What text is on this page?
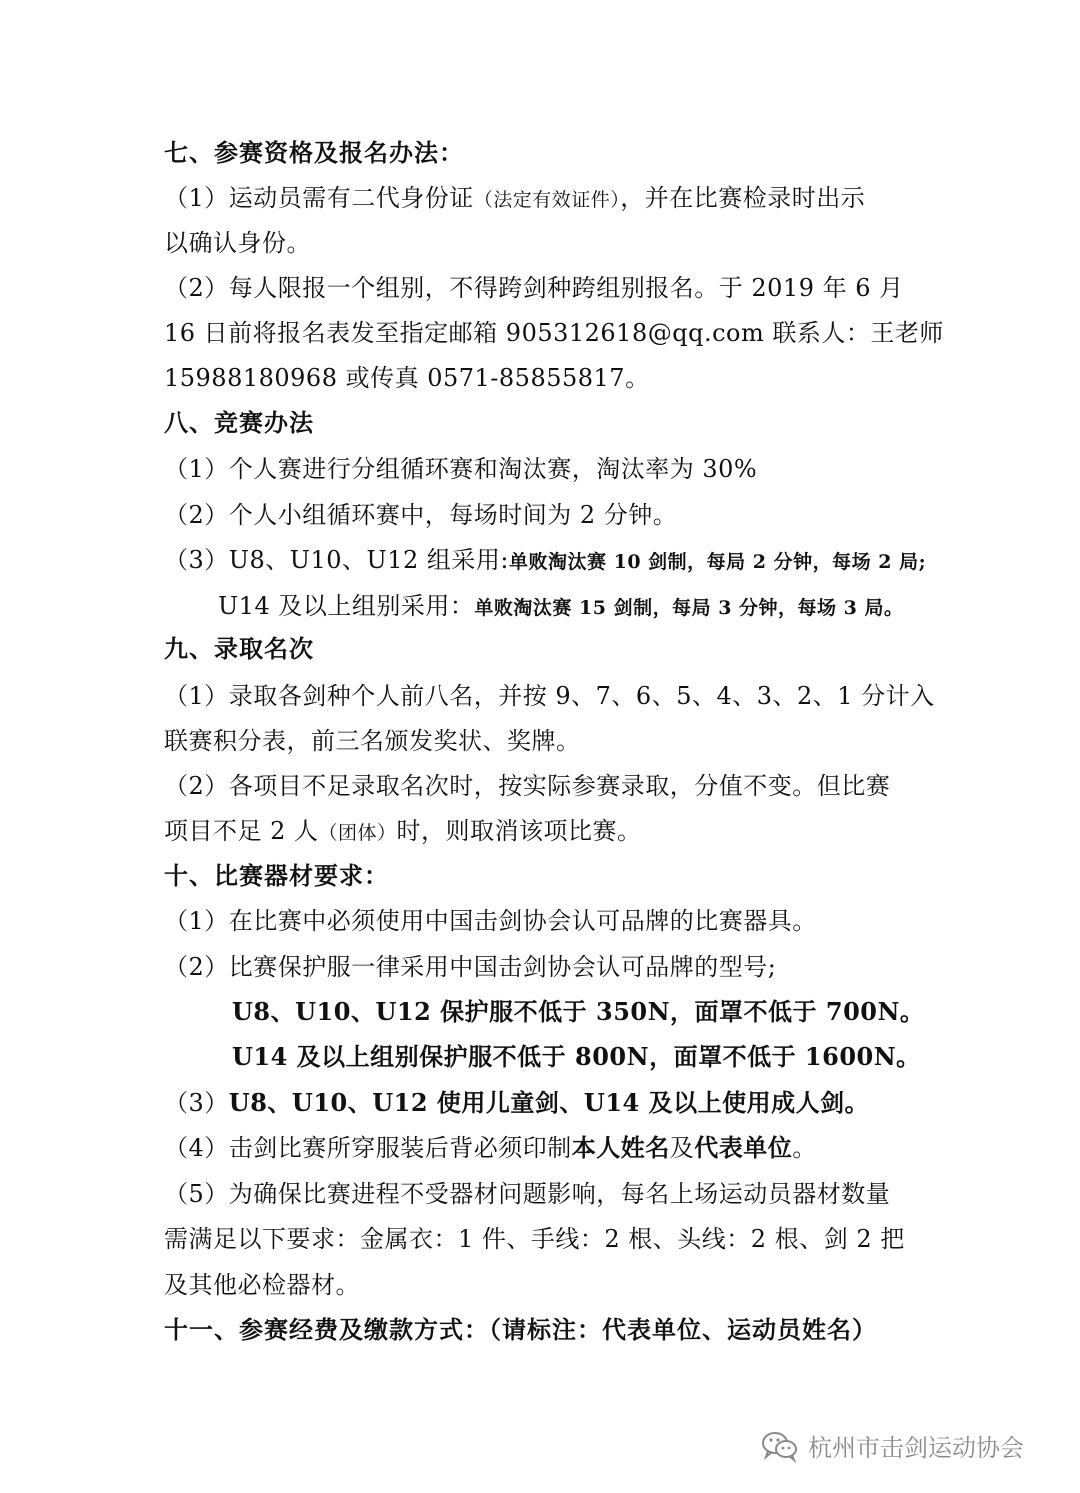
七、参赛资格及报名办法：
（1）运动员需有二代身份证（法定有效证件），并在比赛检录时出示
以确认身份。
（2）每人限报一个组别，不得跨剑种跨组别报名。于 2019 年 6 月
16 日前将报名表发至指定邮箱 905312618@qq.com 联系人：王老师
15988180968 或传真 0571-85855817。
八、竞赛办法
（1）个人赛进行分组循环赛和淘汰赛，淘汰率为 30%
（2）个人小组循环赛中，每场时间为 2 分钟。
（3）U8、U10、U12 组采用:单败淘汰赛 10 剑制，每局 2 分钟，每场 2 局;
U14 及以上组别采用：单败淘汰赛 15 剑制，每局 3 分钟，每场 3 局。
九、录取名次
（1）录取各剑种个人前八名，并按 9、7、6、5、4、3、2、1 分计入
联赛积分表，前三名颁发奖状、奖牌。
（2）各项目不足录取名次时，按实际参赛录取，分值不变。但比赛
项目不足 2 人（团体）时，则取消该项比赛。
十、比赛器材要求：
（1）在比赛中必须使用中国击剑协会认可品牌的比赛器具。
（2）比赛保护服一律采用中国击剑协会认可品牌的型号;
U8、U10、U12 保护服不低于 350N，面罩不低于 700N。
U14 及以上组别保护服不低于 800N，面罩不低于 1600N。
（3）U8、U10、U12 使用儿童剑、U14 及以上使用成人剑。
（4）击剑比赛所穿服装后背必须印制本人姓名及代表单位。
（5）为确保比赛进程不受器材问题影响，每名上场运动员器材数量
需满足以下要求：金属衣：1 件、手线：2 根、头线：2 根、剑 2 把
及其他必检器材。
十一、参赛经费及缴款方式：（请标注：代表单位、运动员姓名）
杭州市击剑运动协会
